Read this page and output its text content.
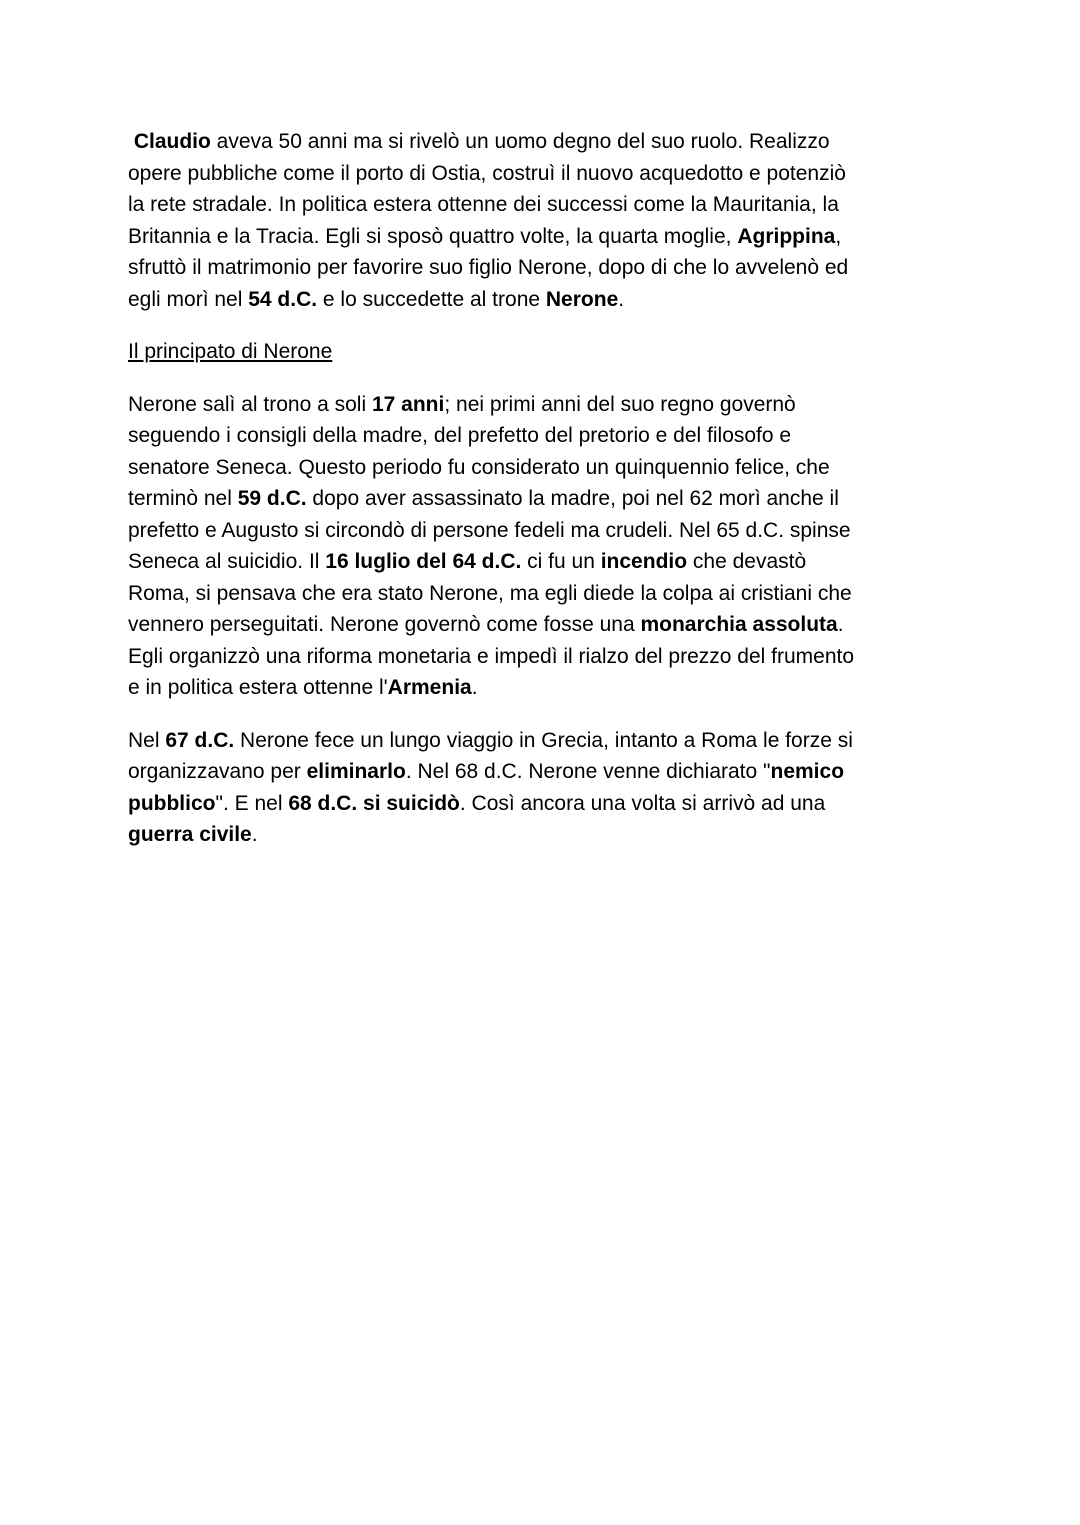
Claudio aveva 50 anni ma si rivelò un uomo degno del suo ruolo. Realizzo
opere pubbliche come il porto di Ostia, costruì il nuovo acquedotto e potenziò
la rete stradale. In politica estera ottenne dei successi come la Mauritania, la
Britannia e la Tracia. Egli si sposò quattro volte, la quarta moglie, Agrippina,
sfruttò il matrimonio per favorire suo figlio Nerone, dopo di che lo avvelenò ed
egli morì nel 54 d.C. e lo succedette al trone Nerone.
Il principato di Nerone
Nerone salì al trono a soli 17 anni; nei primi anni del suo regno governò
seguendo i consigli della madre, del prefetto del pretorio e del filosofo e
senatore Seneca. Questo periodo fu considerato un quinquennio felice, che
terminò nel 59 d.C. dopo aver assassinato la madre, poi nel 62 morì anche il
prefetto e Augusto si circondò di persone fedeli ma crudeli. Nel 65 d.C. spinse
Seneca al suicidio. Il 16 luglio del 64 d.C. ci fu un incendio che devastò
Roma, si pensava che era stato Nerone, ma egli diede la colpa ai cristiani che
vennero perseguitati. Nerone governò come fosse una monarchia assoluta.
Egli organizzò una riforma monetaria e impedì il rialzo del prezzo del frumento
e in politica estera ottenne l'Armenia.
Nel 67 d.C. Nerone fece un lungo viaggio in Grecia, intanto a Roma le forze si
organizzavano per eliminarlo. Nel 68 d.C. Nerone venne dichiarato "nemico
pubblico". E nel 68 d.C. si suicidò. Così ancora una volta si arrivò ad una
guerra civile.
